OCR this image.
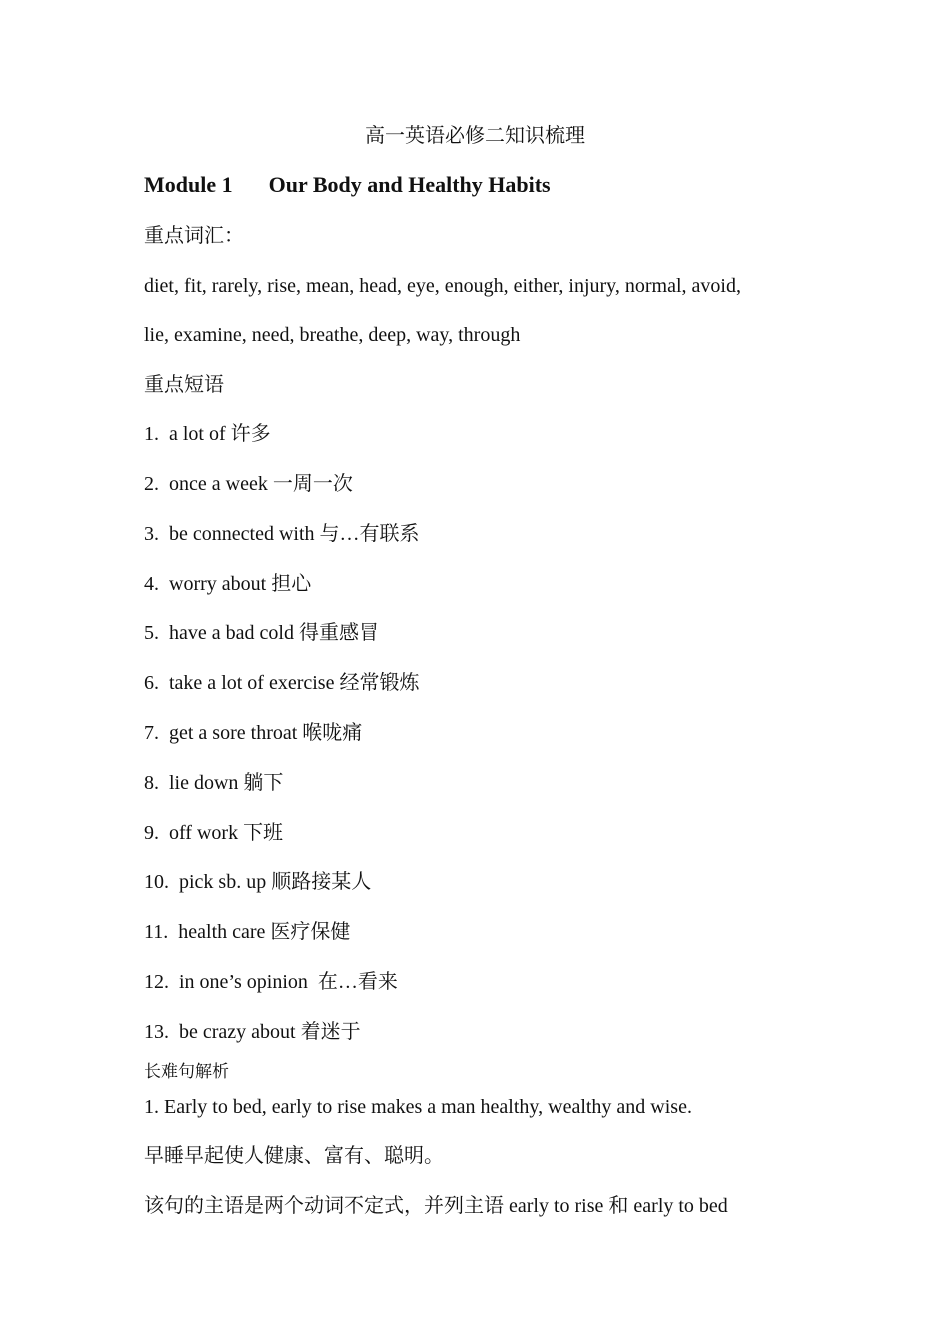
高一英语必修二知识梳理
Module 1 Our Body and Healthy Habits
重点词汇：
diet, fit, rarely, rise, mean, head, eye, enough, either, injury, normal, avoid,
lie, examine, need, breathe, deep, way, through
重点短语
1. a lot of 许多
2. once a week 一周一次
3. be connected with 与…有联系
4. worry about 担心
5. have a bad cold 得重感冒
6. take a lot of exercise 经常锻炼
7. get a sore throat 喉咙痛
8. lie down 躺下
9. off work 下班
10. pick sb. up 顺路接某人
11. health care 医疗保健
12. in one’s opinion  在…看来
13. be crazy about 着迷于
长难句解析
1. Early to bed, early to rise makes a man healthy, wealthy and wise.
早睡早起使人健康、富有、聪明。
该句的主语是两个动词不定式，并列主语 early to rise 和 early to bed
